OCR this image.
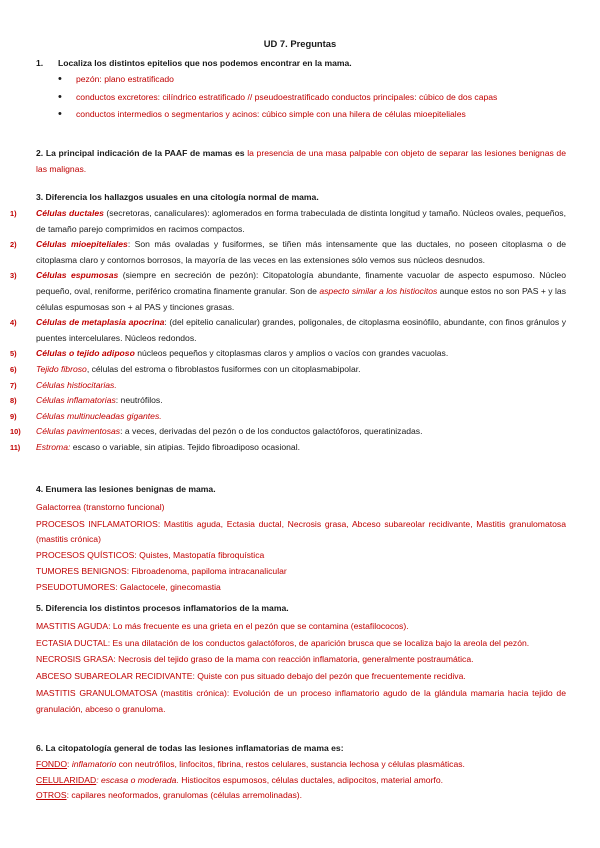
UD 7. Preguntas
1. Localiza los distintos epitelios que nos podemos encontrar en la mama.
• pezón: plano estratificado
• conductos excretores: cilíndrico estratificado // pseudoestratificado conductos principales: cúbico de dos capas
• conductos intermedios o segmentarios y acinos: cúbico simple con una hilera de células mioepiteliales
2. La principal indicación de la PAAF de mamas es la presencia de una masa palpable con objeto de separar las lesiones benignas de las malignas.
3. Diferencia los hallazgos usuales en una citología normal de mama.
1) Células ductales (secretoras, canaliculares): aglomerados en forma trabeculada de distinta longitud y tamaño. Núcleos ovales, pequeños, de tamaño parejo comprimidos en racimos compactos.
2) Células mioepiteliales: Son más ovaladas y fusiformes, se tiñen más intensamente que las ductales, no poseen citoplasma o de citoplasma claro y contornos borrosos, la mayoría de las veces en las extensiones sólo vemos sus núcleos desnudos.
3) Células espumosas (siempre en secreción de pezón): Citopatología abundante, finamente vacuolar de aspecto espumoso. Núcleo pequeño, oval, reniforme, periférico cromatina finamente granular. Son de aspecto similar a los histiocitos aunque estos no son PAS + y las células espumosas son + al PAS y tinciones grasas.
4) Células de metaplasia apocrina: (del epitelio canalicular) grandes, poligonales, de citoplasma eosinófilo, abundante, con finos gránulos y puentes intercelulares. Núcleos redondos.
5) Células o tejido adiposo núcleos pequeños y citoplasmas claros y amplios o vacíos con grandes vacuolas.
6) Tejido fibroso, células del estroma o fibroblastos fusiformes con un citoplasmabipolar.
7) Células histiocitarias.
8) Células inflamatorias: neutrófilos.
9) Células multinucleadas gigantes.
10) Células pavimentosas: a veces, derivadas del pezón o de los conductos galactóforos, queratinizadas.
11) Estroma: escaso o variable, sin atipias. Tejido fibroadiposo ocasional.
4. Enumera las lesiones benignas de mama.
Galactorrea (transtorno funcional)
PROCESOS INFLAMATORIOS: Mastitis aguda, Ectasia ductal, Necrosis grasa, Abceso subareolar recidivante, Mastitis granulomatosa (mastitis crónica)
PROCESOS QUÍSTICOS: Quistes, Mastopatía fibroquística
TUMORES BENIGNOS: Fibroadenoma, papiloma intracanalicular
PSEUDOTUMORES: Galactocele, ginecomastia
5. Diferencia los distintos procesos inflamatorios de la mama.
MASTITIS AGUDA: Lo más frecuente es una grieta en el pezón que se contamina (estafilococos).
ECTASIA DUCTAL: Es una dilatación de los conductos galactóforos, de aparición brusca que se localiza bajo la areola del pezón.
NECROSIS GRASA: Necrosis del tejido graso de la mama con reacción inflamatoria, generalmente postraumática.
ABCESO SUBAREOLAR RECIDIVANTE: Quiste con pus situado debajo del pezón que frecuentemente recidiva.
MASTITIS GRANULOMATOSA (mastitis crónica): Evolución de un proceso inflamatorio agudo de la glándula mamaria hacia tejido de granulación, abceso o granuloma.
6. La citopatología general de todas las lesiones inflamatorias de mama es:
FONDO: inflamatorio con neutrófilos, linfocitos, fibrina, restos celulares, sustancia lechosa y células plasmáticas.
CELULARIDAD: escasa o moderada. Histiocitos espumosos, células ductales, adipocitos, material amorfo.
OTROS: capilares neoformados, granulomas (células arremolinadas).
